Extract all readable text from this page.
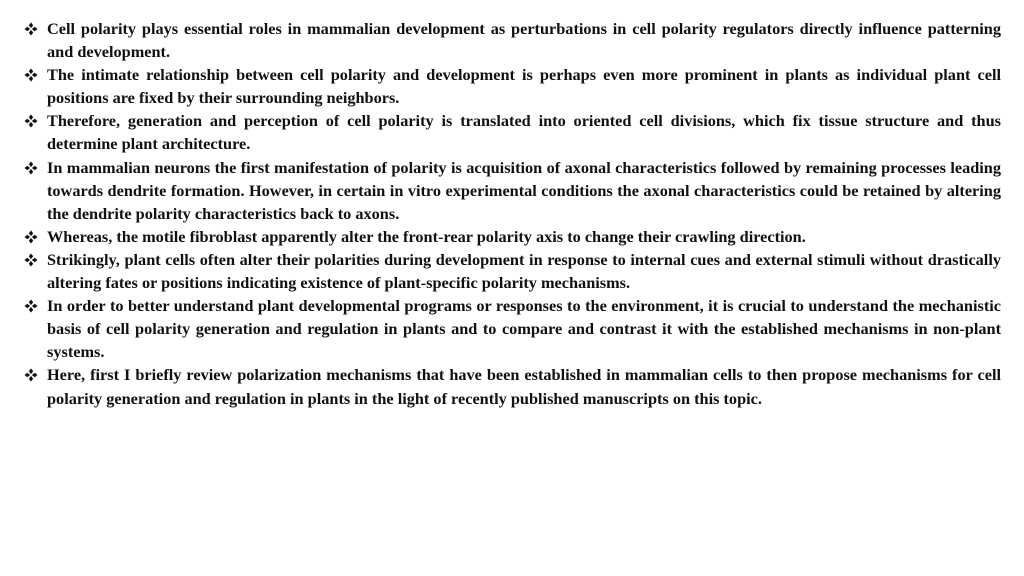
Cell polarity plays essential roles in mammalian development as perturbations in cell polarity regulators directly influence patterning and development.
The intimate relationship between cell polarity and development is perhaps even more prominent in plants as individual plant cell positions are fixed by their surrounding neighbors.
Therefore, generation and perception of cell polarity is translated into oriented cell divisions, which fix tissue structure and thus determine plant architecture.
In mammalian neurons the first manifestation of polarity is acquisition of axonal characteristics followed by remaining processes leading towards dendrite formation. However, in certain in vitro experimental conditions the axonal characteristics could be retained by altering the dendrite polarity characteristics back to axons.
Whereas, the motile fibroblast apparently alter the front-rear polarity axis to change their crawling direction.
Strikingly, plant cells often alter their polarities during development in response to internal cues and external stimuli without drastically altering fates or positions indicating existence of plant-specific polarity mechanisms.
In order to better understand plant developmental programs or responses to the environment, it is crucial to understand the mechanistic basis of cell polarity generation and regulation in plants and to compare and contrast it with the established mechanisms in non-plant systems.
Here, first I briefly review polarization mechanisms that have been established in mammalian cells to then propose mechanisms for cell polarity generation and regulation in plants in the light of recently published manuscripts on this topic.
